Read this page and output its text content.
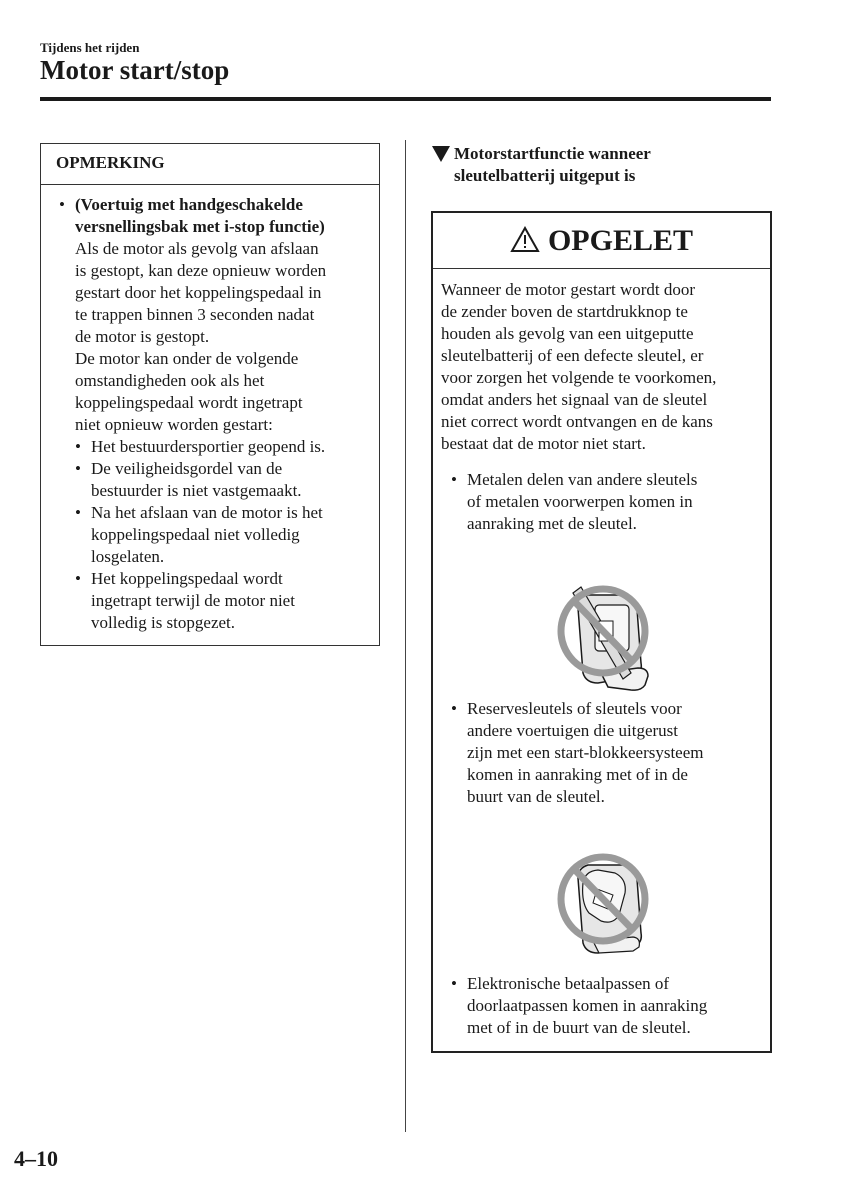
Tijdens het rijden
Motor start/stop
OPMERKING
• (Voertuig met handgeschakelde
versnellingsbak met i-stop functie)
Als de motor als gevolg van afslaan
is gestopt, kan deze opnieuw worden
gestart door het koppelingspedaal in
te trappen binnen 3 seconden nadat
de motor is gestopt.
De motor kan onder de volgende
omstandigheden ook als het
koppelingspedaal wordt ingetrapt
niet opnieuw worden gestart:
• Het bestuurdersportier geopend is.
• De veiligheidsgordel van de
bestuurder is niet vastgemaakt.
• Na het afslaan van de motor is het
koppelingspedaal niet volledig
losgelaten.
• Het koppelingspedaal wordt
ingetrapt terwijl de motor niet
volledig is stopgezet.
Motorstartfunctie wanneer
sleutelbatterij uitgeput is
OPGELET
Wanneer de motor gestart wordt door
de zender boven de startdrukknop te
houden als gevolg van een uitgeputte
sleutelbatterij of een defecte sleutel, er
voor zorgen het volgende te voorkomen,
omdat anders het signaal van de sleutel
niet correct wordt ontvangen en de kans
bestaat dat de motor niet start.
• Metalen delen van andere sleutels
of metalen voorwerpen komen in
aanraking met de sleutel.
• Reservesleutels of sleutels voor
andere voertuigen die uitgerust
zijn met een start-blokkeersysteem
komen in aanraking met of in de
buurt van de sleutel.
• Elektronische betaalpassen of
doorlaatpassen komen in aanraking
met of in de buurt van de sleutel.
4–10
